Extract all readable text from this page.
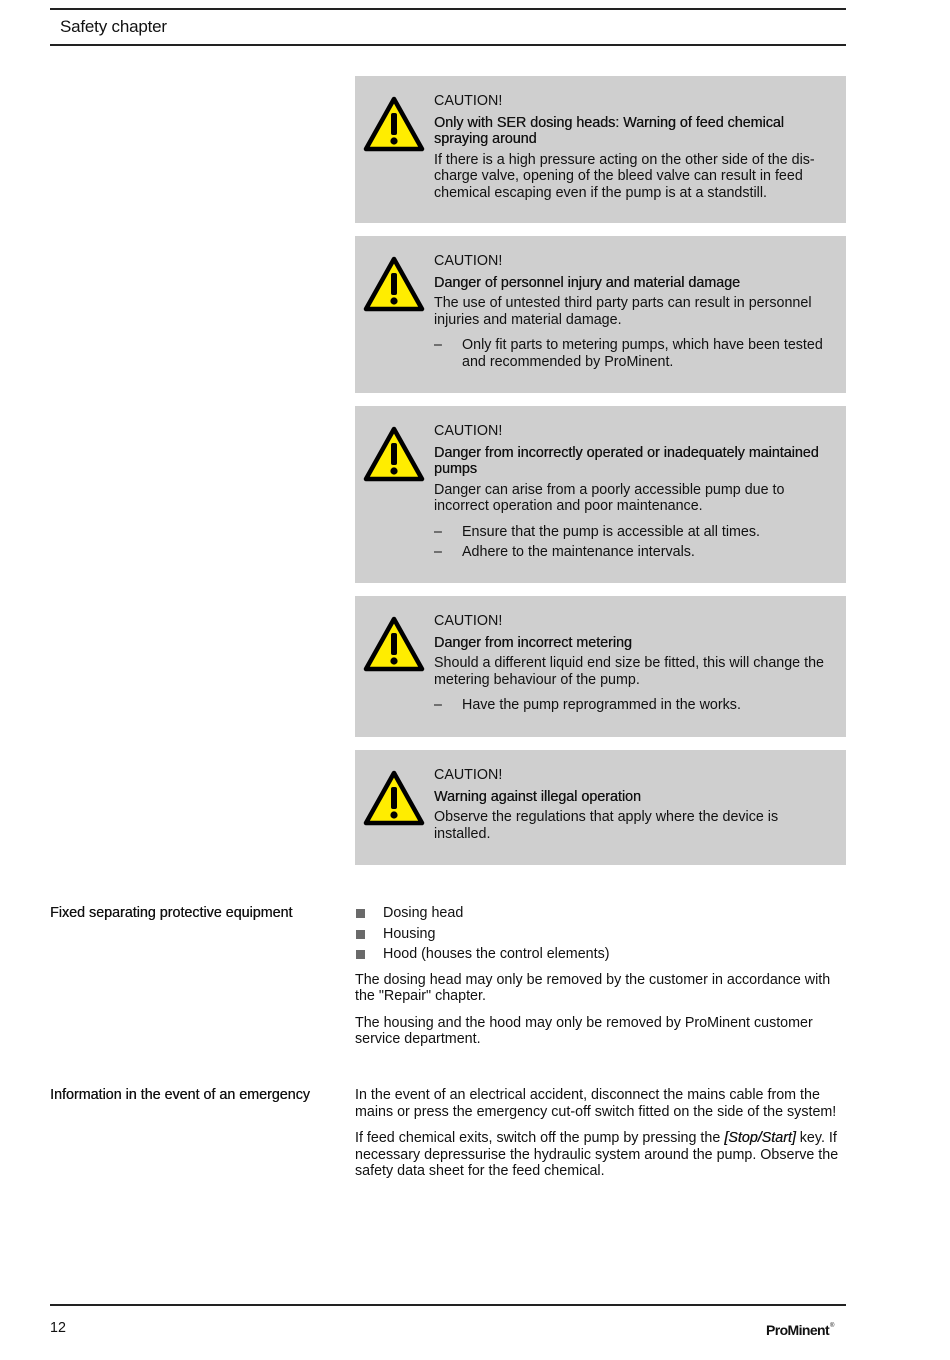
Safety chapter

CAUTION!

Only with SER dosing heads: Warning of feed chemical spraying around

If there is a high pressure acting on the other side of the discharge valve, opening of the bleed valve can result in feed chemical escaping even if the pump is at a standstill.

CAUTION!

Danger of personnel injury and material damage

The use of untested third party parts can result in personnel injuries and material damage.

– Only fit parts to metering pumps, which have been tested and recommended by ProMinent.

CAUTION!

Danger from incorrectly operated or inadequately maintained pumps

Danger can arise from a poorly accessible pump due to incorrect operation and poor maintenance.

– Ensure that the pump is accessible at all times.
– Adhere to the maintenance intervals.

CAUTION!

Danger from incorrect metering

Should a different liquid end size be fitted, this will change the metering behaviour of the pump.

– Have the pump reprogrammed in the works.

CAUTION!

Warning against illegal operation

Observe the regulations that apply where the device is installed.

Fixed separating protective equipment	Dosing head
Housing
Hood (houses the control elements)

The dosing head may only be removed by the customer in accordance with the "Repair" chapter.

The housing and the hood may only be removed by ProMinent customer service department.

Information in the event of an emergency	In the event of an electrical accident, disconnect the mains cable from the mains or press the emergency cut-off switch fitted on the side of the system!

If feed chemical exits, switch off the pump by pressing the [Stop/Start] key. If necessary depressurise the hydraulic system around the pump. Observe the safety data sheet for the feed chemical.

12	ProMinent®
